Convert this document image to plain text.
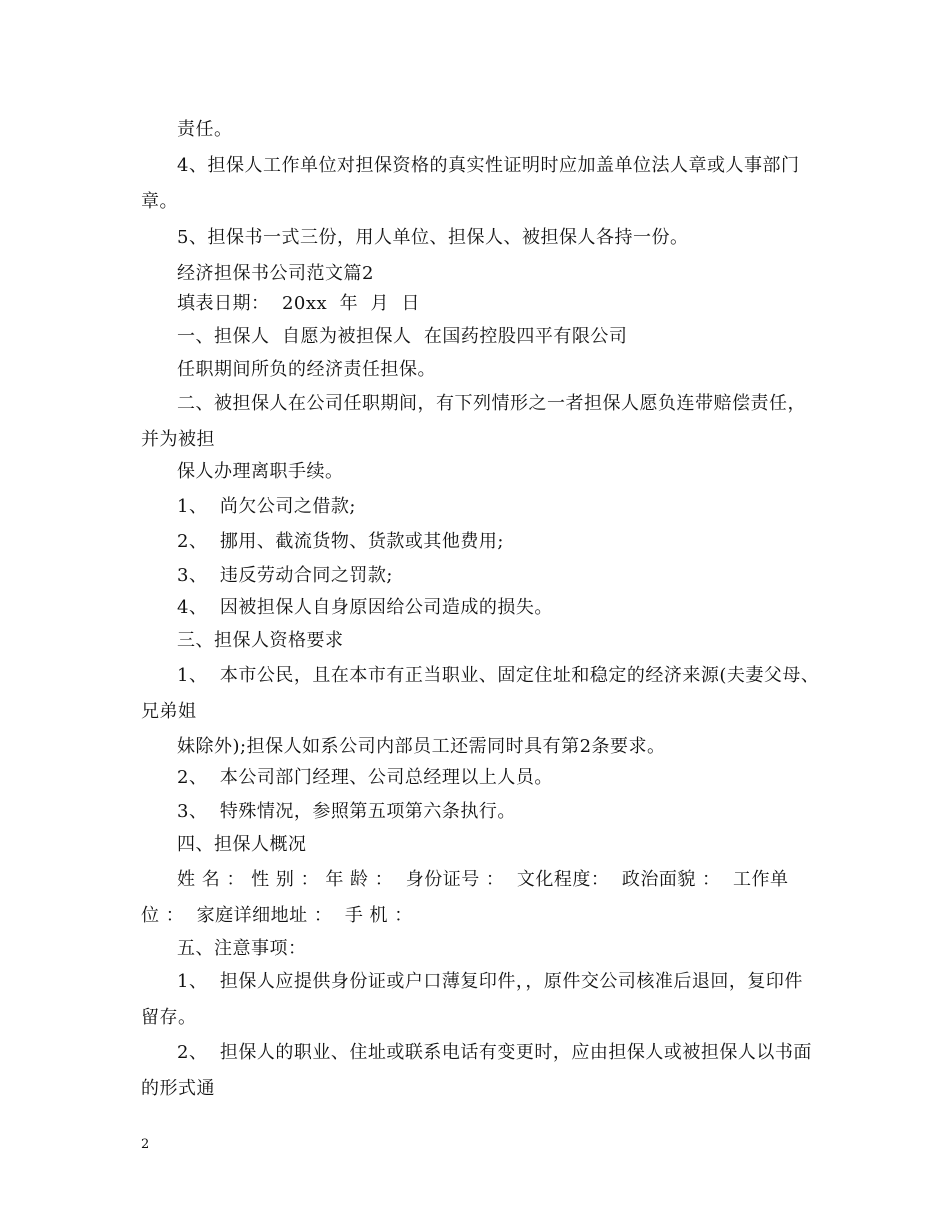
责任。
4、担保人工作单位对担保资格的真实性证明时应加盖单位法人章或人事部门
章。
5、担保书一式三份，用人单位、担保人、被担保人各持一份。
经济担保书公司范文篇2
填表日期：  20xx  年  月  日
一、担保人  自愿为被担保人  在国药控股四平有限公司
任职期间所负的经济责任担保。
二、被担保人在公司任职期间，有下列情形之一者担保人愿负连带赔偿责任，
并为被担
保人办理离职手续。
1、  尚欠公司之借款;
2、  挪用、截流货物、货款或其他费用;
3、  违反劳动合同之罚款;
4、  因被担保人自身原因给公司造成的损失。
三、担保人资格要求
1、  本市公民，且在本市有正当职业、固定住址和稳定的经济来源(夫妻父母、
兄弟姐
妹除外);担保人如系公司内部员工还需同时具有第2条要求。
2、  本公司部门经理、公司总经理以上人员。
3、  特殊情况，参照第五项第六条执行。
四、担保人概况
姓 名 ： 性 别 ： 年 龄 ：  身份证号 ：  文化程度：  政治面貌 ：  工作单
位 ：  家庭详细地址 ：  手 机 ：
五、注意事项：
1、  担保人应提供身份证或户口薄复印件，，原件交公司核准后退回，复印件
留存。
2、  担保人的职业、住址或联系电话有变更时，应由担保人或被担保人以书面
的形式通
2
